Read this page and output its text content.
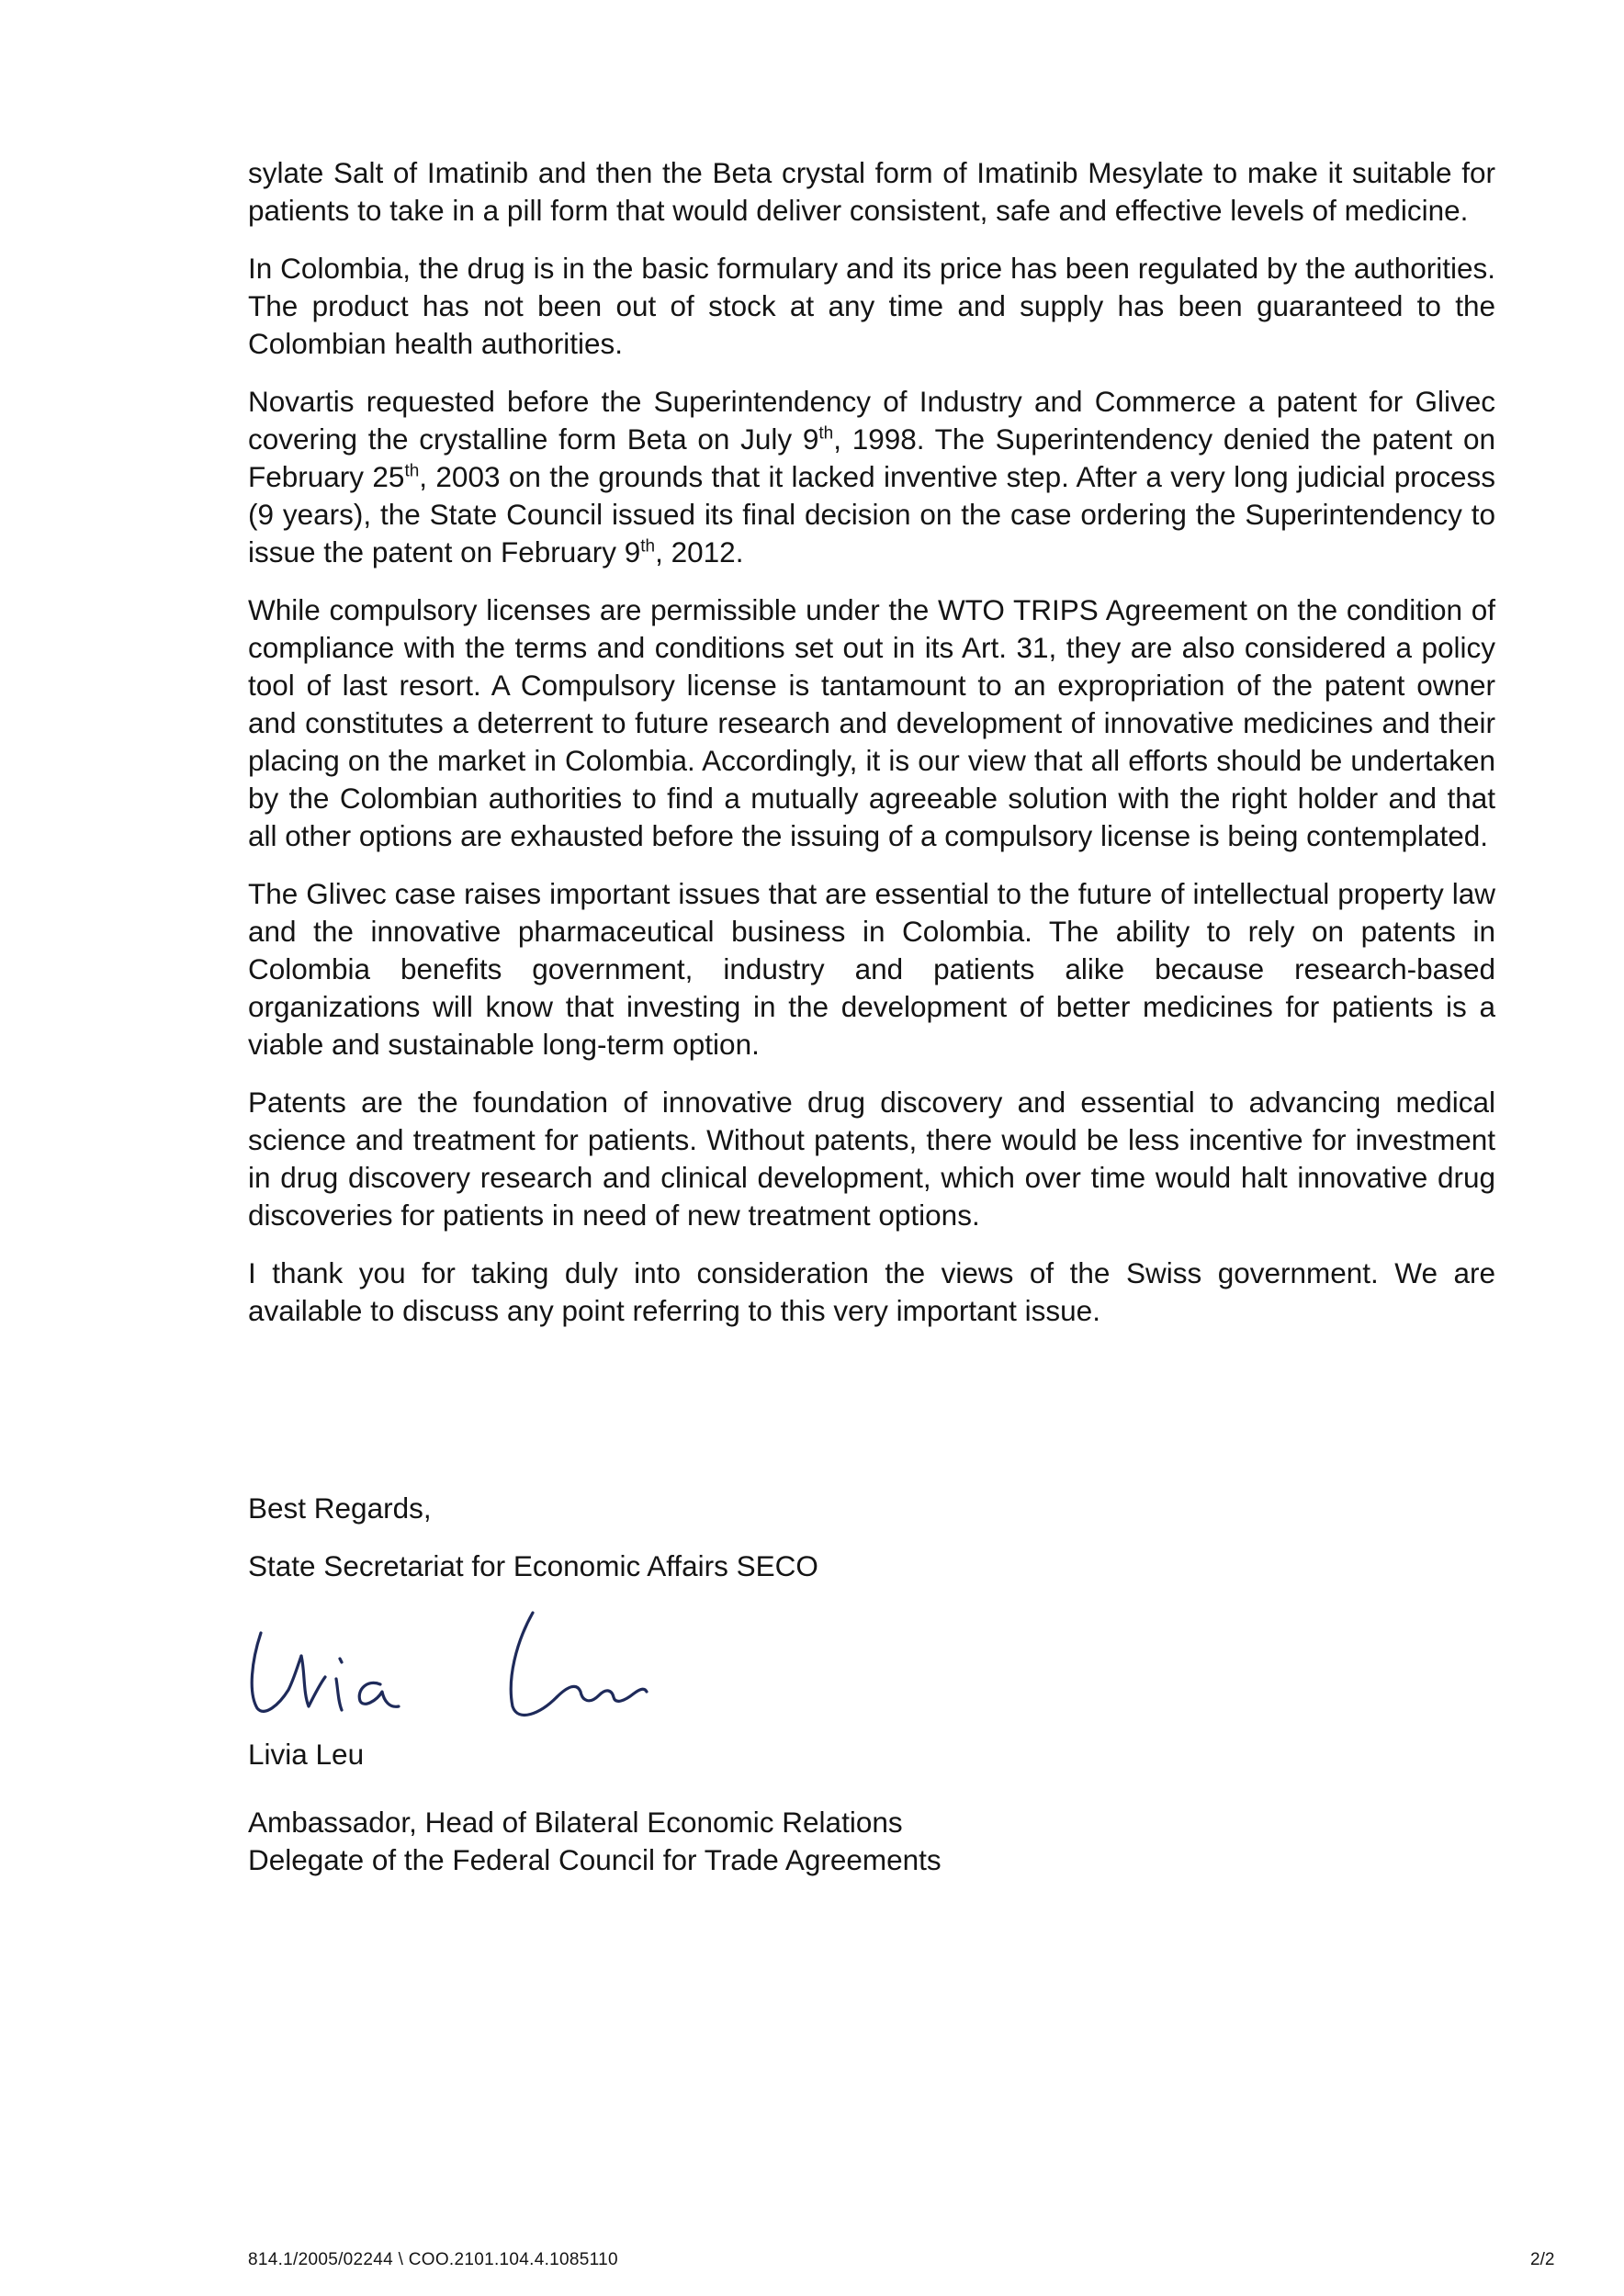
sylate Salt of Imatinib and then the Beta crystal form of Imatinib Mesylate to make it suitable for patients to take in a pill form that would deliver consistent, safe and effective levels of medicine.

In Colombia, the drug is in the basic formulary and its price has been regulated by the authorities. The product has not been out of stock at any time and supply has been guaranteed to the Colombian health authorities.

Novartis requested before the Superintendency of Industry and Commerce a patent for Glivec covering the crystalline form Beta on July 9th, 1998. The Superintendency denied the patent on February 25th, 2003 on the grounds that it lacked inventive step. After a very long judicial process (9 years), the State Council issued its final decision on the case ordering the Superintendency to issue the patent on February 9th, 2012.

While compulsory licenses are permissible under the WTO TRIPS Agreement on the condition of compliance with the terms and conditions set out in its Art. 31, they are also considered a policy tool of last resort. A Compulsory license is tantamount to an expropriation of the patent owner and constitutes a deterrent to future research and development of innovative medicines and their placing on the market in Colombia. Accordingly, it is our view that all efforts should be undertaken by the Colombian authorities to find a mutually agreeable solution with the right holder and that all other options are exhausted before the issuing of a compulsory license is being contemplated.

The Glivec case raises important issues that are essential to the future of intellectual property law and the innovative pharmaceutical business in Colombia. The ability to rely on patents in Colombia benefits government, industry and patients alike because research-based organizations will know that investing in the development of better medicines for patients is a viable and sustainable long-term option.

Patents are the foundation of innovative drug discovery and essential to advancing medical science and treatment for patients. Without patents, there would be less incentive for investment in drug discovery research and clinical development, which over time would halt innovative drug discoveries for patients in need of new treatment options.

I thank you for taking duly into consideration the views of the Swiss government. We are available to discuss any point referring to this very important issue.

Best Regards,

State Secretariat for Economic Affairs SECO

Livia Leu

Ambassador, Head of Bilateral Economic Relations

Delegate of the Federal Council for Trade Agreements

814.1/2005/02244 \ COO.2101.104.4.1085110	2/2
